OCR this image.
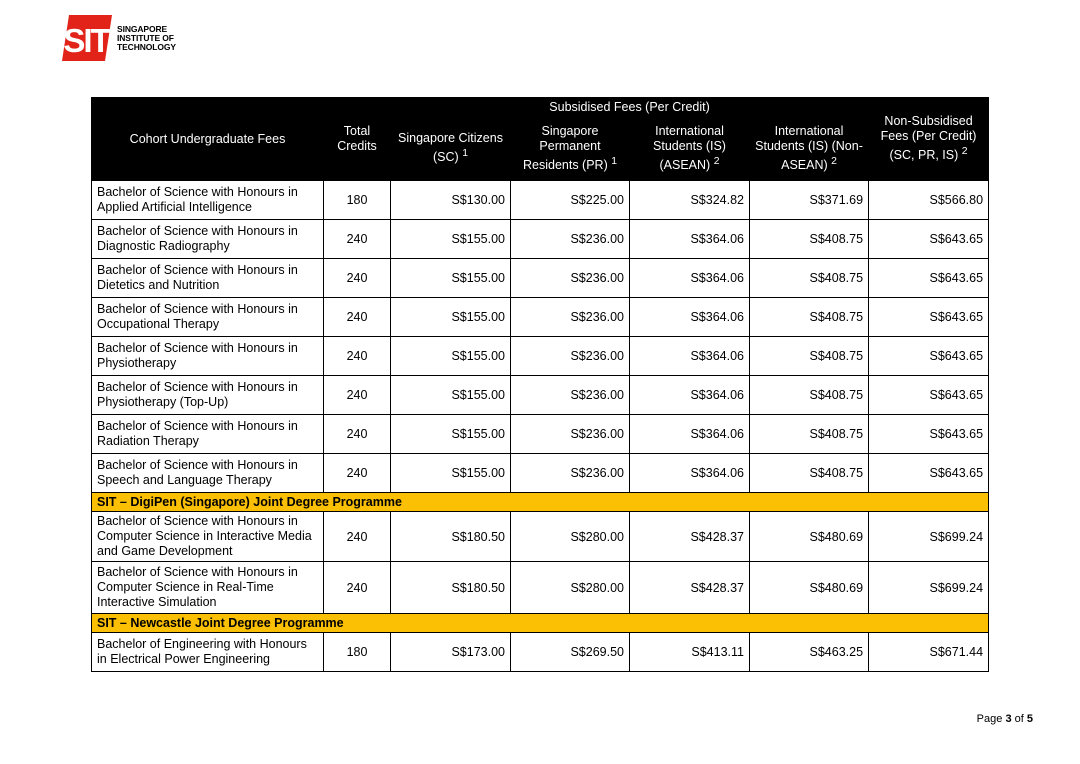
SIT SINGAPORE
INSTITUTE OF
TECHNOLOGY
Cohort Undergraduate Fees	Total Credits	Subsidised Fees (Per Credit)				Non-Subsidised Fees (Per Credit) (SC, PR, IS) $^2$
		Singapore Citizens (SC) $^1$	Singapore Permanent Residents (PR) $^1$	International Students (IS) (ASEAN) $^2$	International Students (IS) (Non-ASEAN) $^2$
Bachelor of Science with Honours in Applied Artificial Intelligence	180	S$130.00	S$225.00	S$324.82	S$371.69	S$566.80
Bachelor of Science with Honours in Diagnostic Radiography	240	S$155.00	S$236.00	S$364.06	S$408.75	S$643.65
Bachelor of Science with Honours in Dietetics and Nutrition	240	S$155.00	S$236.00	S$364.06	S$408.75	S$643.65
Bachelor of Science with Honours in Occupational Therapy	240	S$155.00	S$236.00	S$364.06	S$408.75	S$643.65
Bachelor of Science with Honours in Physiotherapy	240	S$155.00	S$236.00	S$364.06	S$408.75	S$643.65
Bachelor of Science with Honours in Physiotherapy (Top-Up)	240	S$155.00	S$236.00	S$364.06	S$408.75	S$643.65
Bachelor of Science with Honours in Radiation Therapy	240	S$155.00	S$236.00	S$364.06	S$408.75	S$643.65
Bachelor of Science with Honours in Speech and Language Therapy	240	S$155.00	S$236.00	S$364.06	S$408.75	S$643.65
SIT – DigiPen (Singapore) Joint Degree Programme						
Bachelor of Science with Honours in Computer Science in Interactive Media and Game Development	240	S$180.50	S$280.00	S$428.37	S$480.69	S$699.24
Bachelor of Science with Honours in Computer Science in Real-Time Interactive Simulation	240	S$180.50	S$280.00	S$428.37	S$480.69	S$699.24
SIT – Newcastle Joint Degree Programme						
Bachelor of Engineering with Honours in Electrical Power Engineering	180	S$173.00	S$269.50	S$413.11	S$463.25	S$671.44
Page 3 of 5
